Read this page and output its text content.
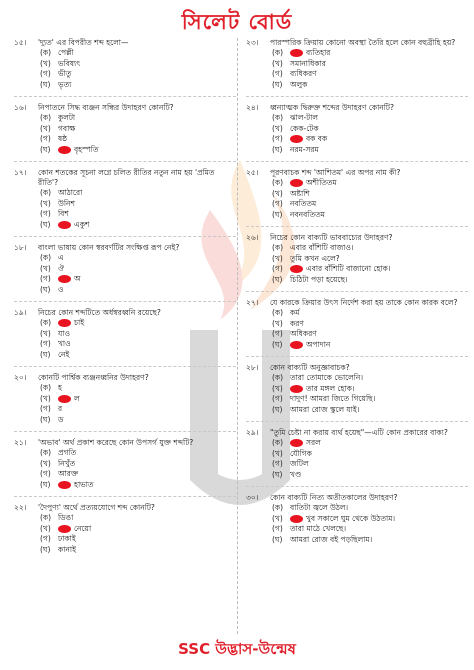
সিলেট বোর্ড
১৫।	'দ্যুত' এর বিপরীত শব্দ হলো—
(ক) পেল্লী
(খ) ভবিষ্যৎ
(গ) ভীতু
(ঘ)	ভৃত্য
১৬।	নিপাতনে সিদ্ধ ব্যঞ্জন সন্ধির উদাহরণ কোনটি?
(ক) কুলটা
(খ) গবাক্ষ
(গ) ষষ্ঠ
(ঘ)	বৃহস্পতি
১৭।	কোন শতকের সূচনা লগ্নে চলিত রীতির নতুন নাম হয় 'প্রমিত রীতি'?
(ক) আঠারো
(খ) উনিশ
(গ) বিশ
(ঘ)	একুশ
১৮।	বাংলা ভাষায় কোন স্বরবর্ণটির সংক্ষিপ্ত রূপ নেই?
(ক) এ
(খ) ঔ
(গ)	অ
(ঘ)	ও
১৯।	নিচের কোন শব্দটিতে অর্ধস্বরধ্বনি রয়েছে?
(ক)	চাই
(খ) যাও
(গ) খাও
(ঘ)	নেই
২০।	কোনটি পার্শ্বিক ব্যঞ্জনধ্বনির উদাহরণ?
(ক) হ
(খ)	ল
(গ) র
(ঘ)	ড
২১।	'অভাব' অর্থ প্রকাশ করেছে কোন উপসর্গ যুক্ত শব্দটি?
(ক) প্রগতি
(খ) নিখুঁত
(গ) আরক্ত
(ঘ)	হাভাত
২২।	'দৈপুণ্য' অর্থে প্রত্যয়যোগে শব্দ কোনটি?
(ক) ডিঙা
(খ)	নেয়ো
(গ) ঢাকাই
(ঘ)	কানাই
২৩।	পারস্পরিক ক্রিয়ায় কোনো অবস্থা তৈরি হলে কোন বহুব্রীহি হয়?
(ক)	ব্যতিহার
(খ) সমানাধিকার
(গ) ব্যধিকরণ
(ঘ)	অলুক
২৪।	ধ্বন্যাত্মক দ্বিরুক্ত শব্দের উদাহরণ কোনটি?
(ক) ঝাল-টাল
(খ) কেক-টেক
(গ)	বক বক
(ঘ)	নরম-সরম
২৫।	পূরণবাচক শব্দ 'আশিতম' এর অপর নাম কী?
(ক)	অশীতিতম
(খ) অষ্টাশি
(গ) নবতিতম
(ঘ)	নবনবতিতম
২৬।	নিচের কোন বাক্যটি ভাববাচ্যের উদাহরণ?
(ক) এবার বাঁশিটি বাজাও।
(খ) তুমি কখন এলে?
(গ)	এবার বাঁশিটি বাজানো হোক।
(ঘ)	চিঠিটা পড়া হয়েছে।
২৭।	যে কারকে ক্রিয়ার উৎস নির্দেশ করা হয় তাকে কোন কারক বলে?
(ক) কর্ম
(খ) করণ
(গ) অধিকরণ
(ঘ)	অপাদান
২৮।	কোন বাক্যটি অনুজ্ঞাবাচক?
(ক) তারা তোমাকে ভোলেনি।
(খ)	তার মঙ্গল হোক।
(গ) দাদুণ! আমরা জিতে গিয়েছি।
(ঘ)	আমরা রোজ স্কুলে যাই।
২৯।	"তুমি চেষ্টা না করায় ব্যর্থ হয়েছ"—এটি কোন প্রকারের বাক্য?
(ক)	সরল
(খ) যৌগিক
(গ) জটিল
(ঘ)	খণ্ড
৩০।	কোন বাক্যটি নিত্য অতীতকালের উদাহরণ?
(ক) বাতিটা জ্বলে উঠল।
(খ)	খুব সকালে ঘুম থেকে উঠতাম।
(গ) তারা মাঠে খেলছে।
(ঘ)	আমরা রোজ বই পড়ছিলাম।
SSC উদ্ভাস-উন্মেষ
